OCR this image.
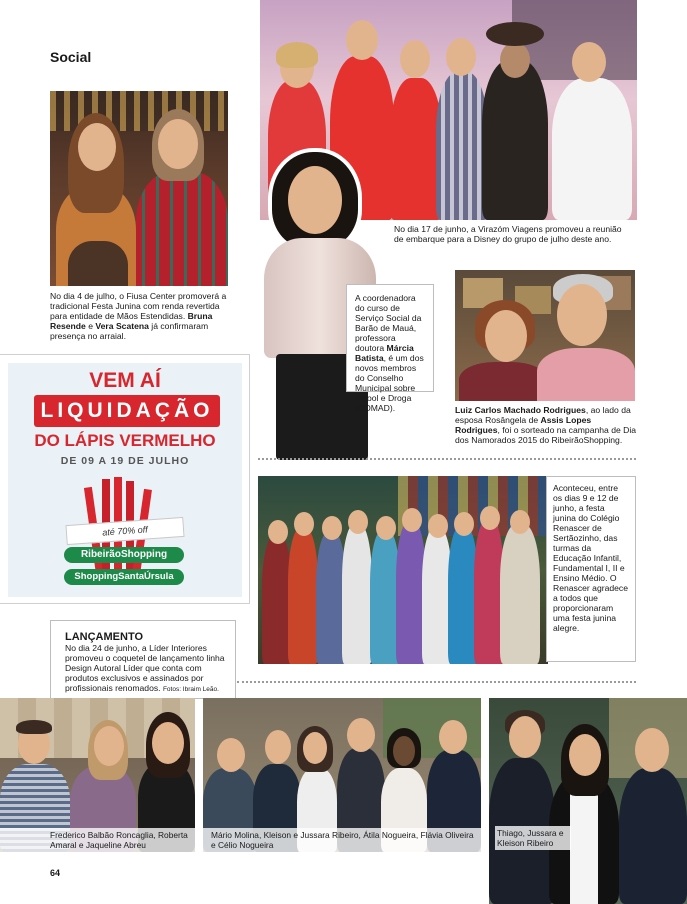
Social
No dia 4 de julho, o Fiusa Center promoverá a tradicional Festa Junina com renda revertida para entidade de Mãos Estendidas. Bruna Resende e Vera Scatena já confirmaram presença no arraial.
No dia 17 de junho, a Virazóm Viagens promoveu a reunião de embarque para a Disney do grupo de julho deste ano.
A coordenadora do curso de Serviço Social da Barão de Mauá, professora doutora Márcia Batista, é um dos novos membros do Conselho Municipal sobre Álcool e Droga (COMAD).	Luiz Carlos Machado Rodrigues, ao lado da esposa Rosângela de Assis Lopes Rodrigues, foi o sorteado na campanha de Dia dos Namorados 2015 do RibeirãoShopping.
VEM AÍ
LIQUIDAÇÃO
DO LÁPIS VERMELHO
DE 09 A 19 DE JULHO
até 70% off
RibeirãoShopping
ShoppingSantaÚrsula
Aconteceu, entre os dias 9 e 12 de junho, a festa junina do Colégio Renascer de Sertãozinho, das turmas da Educação Infantil, Fundamental I, II e Ensino Médio. O Renascer agradece a todos que proporcionaram uma festa junina alegre.
LANÇAMENTO
No dia 24 de junho, a Líder Interiores promoveu o coquetel de lançamento linha Design Autoral Líder que conta com produtos exclusivos e assinados por profissionais renomados. Fotos: Ibraim Leão.
Frederico Balbão Roncaglia, Roberta Amaral e Jaqueline Abreu
Mário Molina, Kleison e Jussara Ribeiro, Átila Nogueira, Flávia Oliveira e Célio Nogueira
Thiago, Jussara e Kleison Ribeiro
64
